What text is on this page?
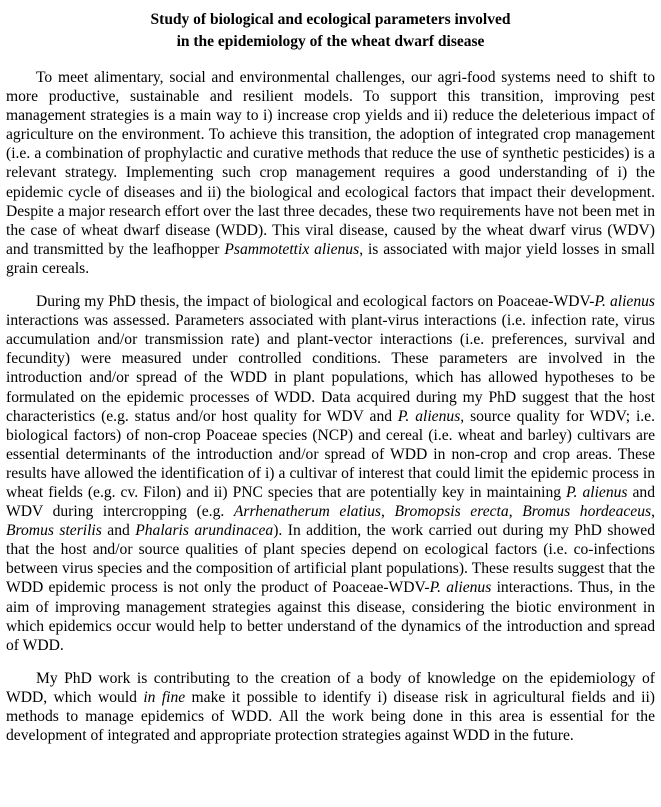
Study of biological and ecological parameters involved
in the epidemiology of the wheat dwarf disease

To meet alimentary, social and environmental challenges, our agri-food systems need to shift to more productive, sustainable and resilient models. To support this transition, improving pest management strategies is a main way to i) increase crop yields and ii) reduce the deleterious impact of agriculture on the environment. To achieve this transition, the adoption of integrated crop management (i.e. a combination of prophylactic and curative methods that reduce the use of synthetic pesticides) is a relevant strategy. Implementing such crop management requires a good understanding of i) the epidemic cycle of diseases and ii) the biological and ecological factors that impact their development. Despite a major research effort over the last three decades, these two requirements have not been met in the case of wheat dwarf disease (WDD). This viral disease, caused by the wheat dwarf virus (WDV) and transmitted by the leafhopper Psammotettix alienus, is associated with major yield losses in small grain cereals.

During my PhD thesis, the impact of biological and ecological factors on Poaceae-WDV-P. alienus interactions was assessed. Parameters associated with plant-virus interactions (i.e. infection rate, virus accumulation and/or transmission rate) and plant-vector interactions (i.e. preferences, survival and fecundity) were measured under controlled conditions. These parameters are involved in the introduction and/or spread of the WDD in plant populations, which has allowed hypotheses to be formulated on the epidemic processes of WDD. Data acquired during my PhD suggest that the host characteristics (e.g. status and/or host quality for WDV and P. alienus, source quality for WDV; i.e. biological factors) of non-crop Poaceae species (NCP) and cereal (i.e. wheat and barley) cultivars are essential determinants of the introduction and/or spread of WDD in non-crop and crop areas. These results have allowed the identification of i) a cultivar of interest that could limit the epidemic process in wheat fields (e.g. cv. Filon) and ii) PNC species that are potentially key in maintaining P. alienus and WDV during intercropping (e.g. Arrhenatherum elatius, Bromopsis erecta, Bromus hordeaceus, Bromus sterilis and Phalaris arundinacea). In addition, the work carried out during my PhD showed that the host and/or source qualities of plant species depend on ecological factors (i.e. co-infections between virus species and the composition of artificial plant populations). These results suggest that the WDD epidemic process is not only the product of Poaceae-WDV-P. alienus interactions. Thus, in the aim of improving management strategies against this disease, considering the biotic environment in which epidemics occur would help to better understand of the dynamics of the introduction and spread of WDD.

My PhD work is contributing to the creation of a body of knowledge on the epidemiology of WDD, which would in fine make it possible to identify i) disease risk in agricultural fields and ii) methods to manage epidemics of WDD. All the work being done in this area is essential for the development of integrated and appropriate protection strategies against WDD in the future.
